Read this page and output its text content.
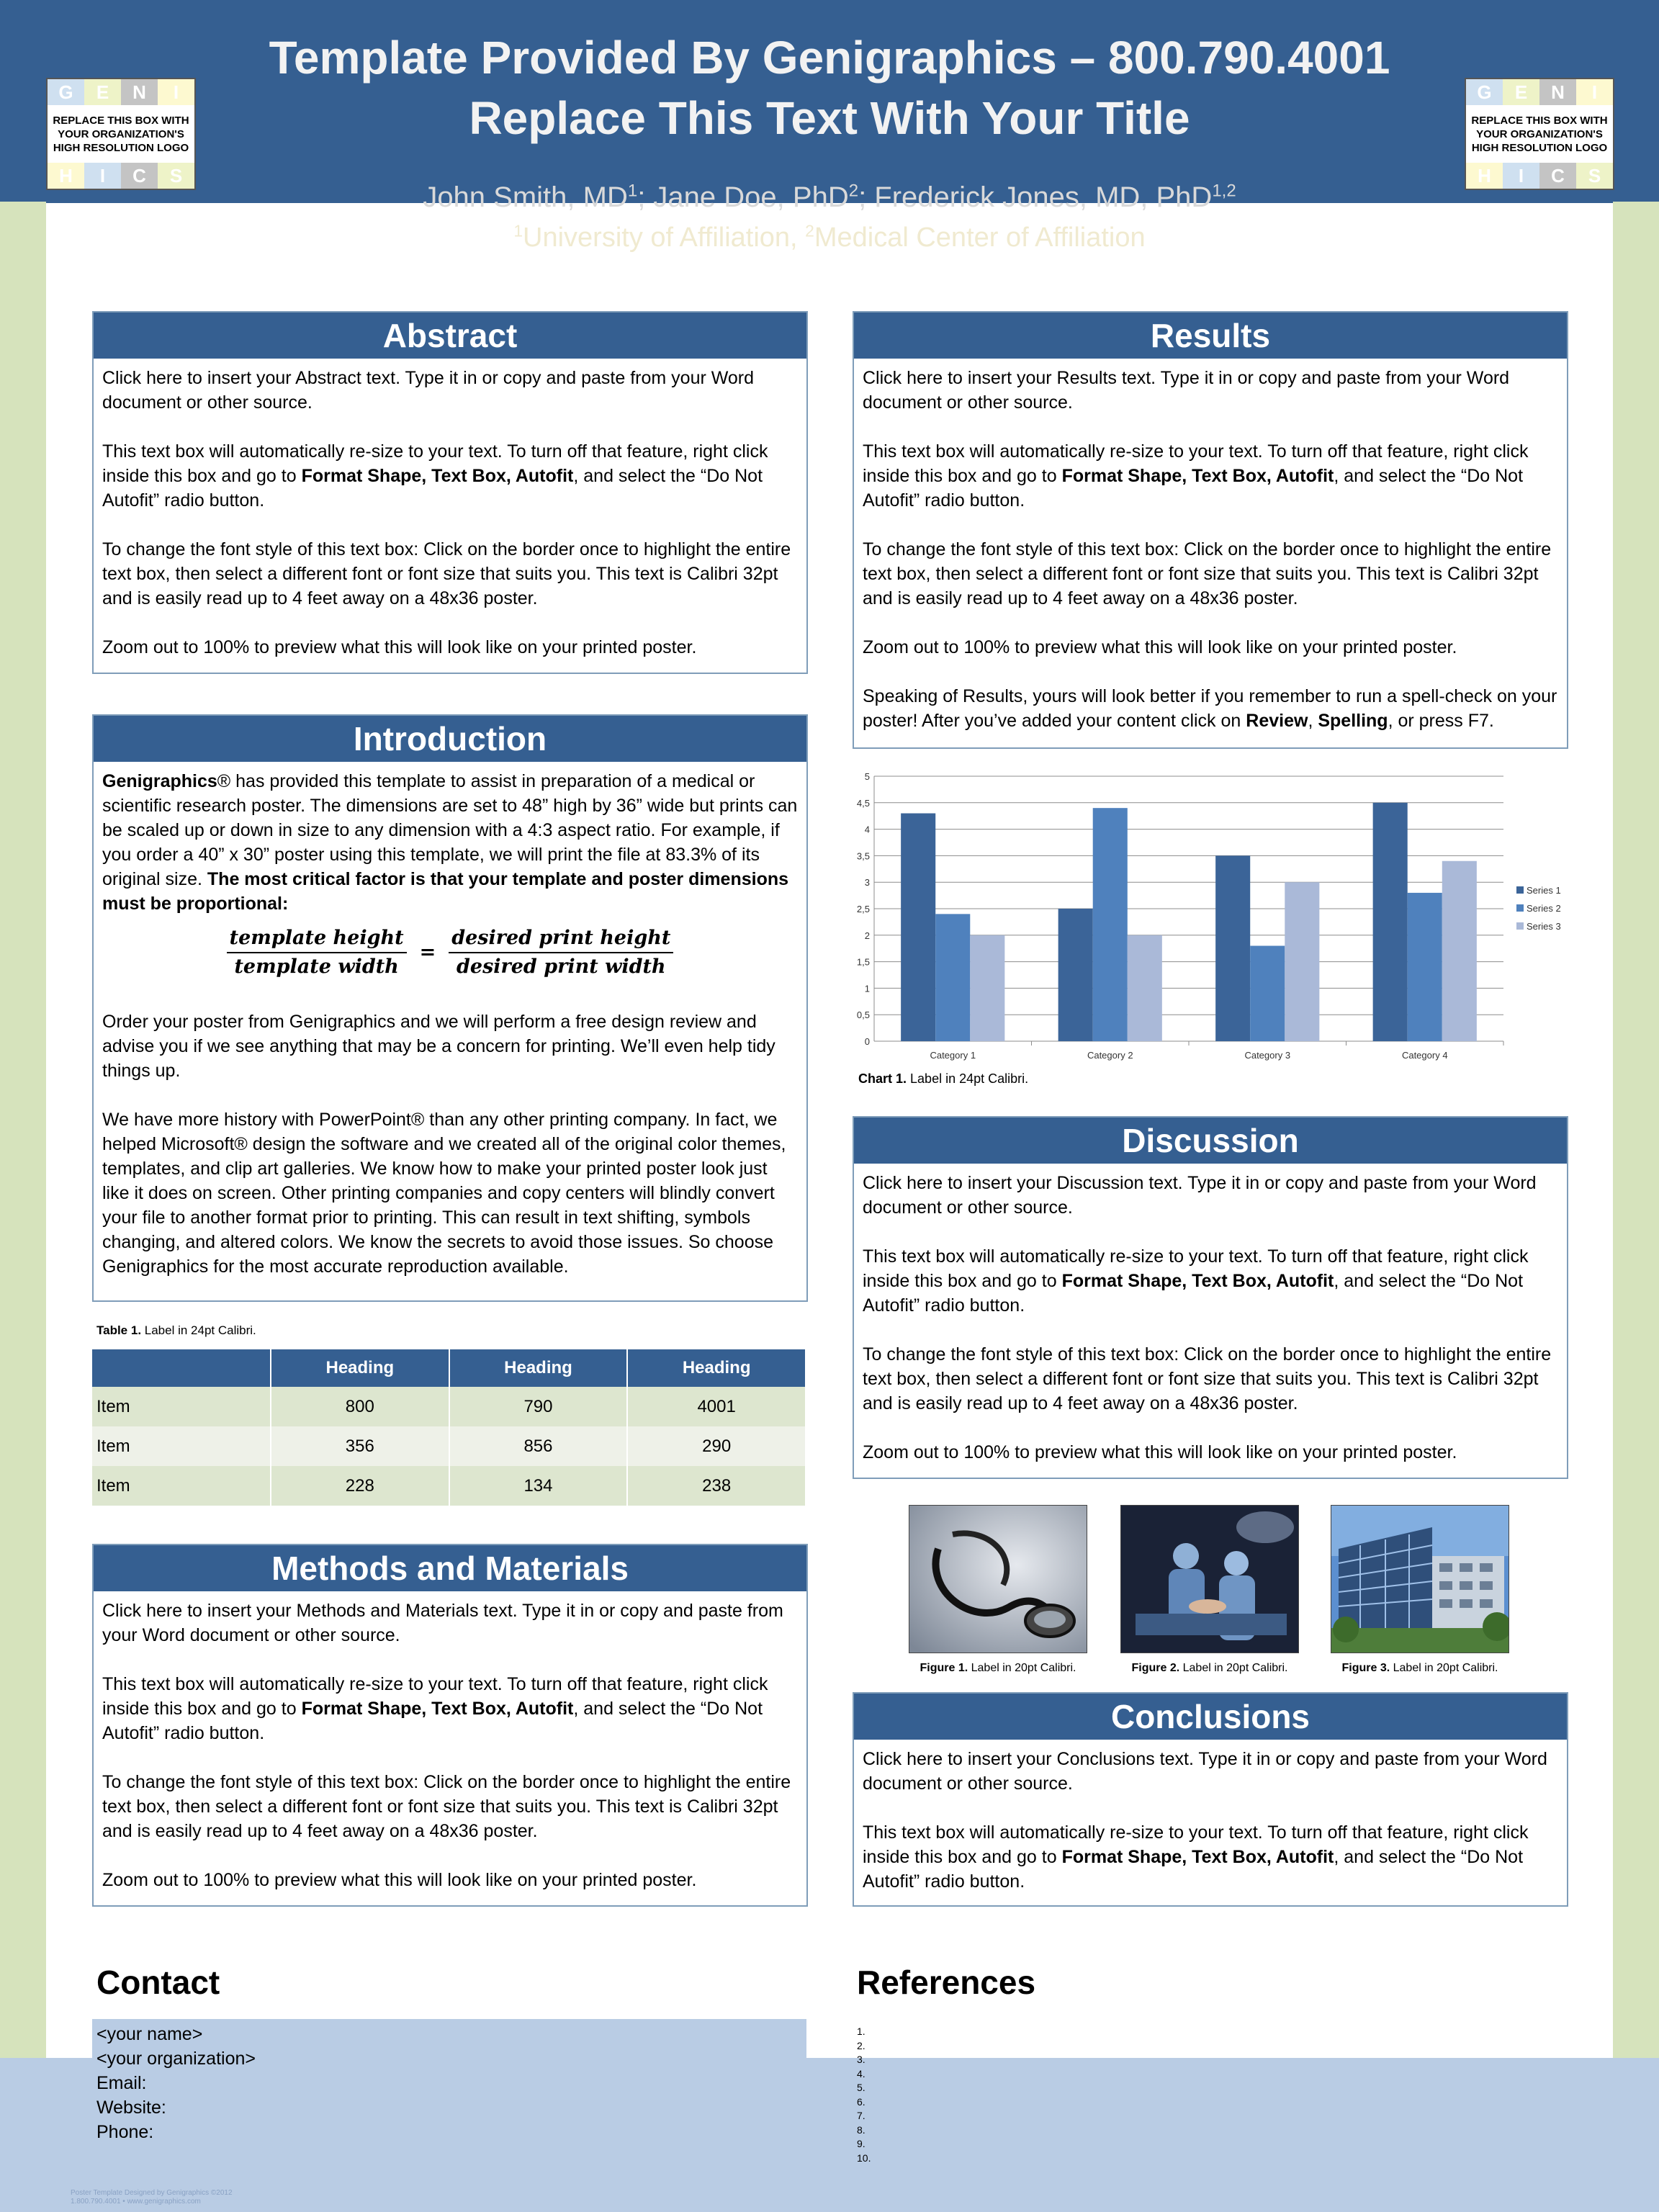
Template Provided By Genigraphics – 800.790.4001
Replace This Text With Your Title
John Smith, $MD^1$; Jane Doe, PhD$^2$; Frederick Jones, MD, PhD$^{1,2}$
$^1$University of Affiliation, $^2$Medical Center of Affiliation
G	E	N	I
REPLACE THIS BOX WITH
YOUR ORGANIZATION'S
HIGH RESOLUTION LOGO
H	I	C	S
G	E	N	I
REPLACE THIS BOX WITH
YOUR ORGANIZATION'S
HIGH RESOLUTION LOGO
H	I	C	S
Abstract

Click here to insert your Abstract text. Type it in or copy and paste from your Word document or other source.

This text box will automatically re-size to your text. To turn off that feature, right click inside this box and go to Format Shape, Text Box, Autofit, and select the “Do Not Autofit” radio button.

To change the font style of this text box: Click on the border once to highlight the entire text box, then select a different font or font size that suits you. This text is Calibri 32pt and is easily read up to 4 feet away on a 48x36 poster.

Zoom out to 100% to preview what this will look like on your printed poster.

Introduction

Genigraphics® has provided this template to assist in preparation of a medical or scientific research poster. The dimensions are set to 48” high by 36” wide but prints can be scaled up or down in size to any dimension with a 4:3 aspect ratio. For example, if you order a 40” x 30” poster using this template, we will print the file at 83.3% of its original size. The most critical factor is that your template and poster dimensions must be proportional:

$\frac{\text{template height}}{\text{template width}} = \frac{\text{desired print height}}{\text{desired print width}}$

Order your poster from Genigraphics and we will perform a free design review and advise you if we see anything that may be a concern for printing. We’ll even help tidy things up.

We have more history with PowerPoint® than any other printing company. In fact, we helped Microsoft® design the software and we created all of the original color themes, templates, and clip art galleries. We know how to make your printed poster look just like it does on screen. Other printing companies and copy centers will blindly convert your file to another format prior to printing. This can result in text shifting, symbols changing, and altered colors. We know the secrets to avoid those issues. So choose Genigraphics for the most accurate reproduction available.

Table 1. Label in 24pt Calibri.
	Heading	Heading	Heading
Item	800	790	4001
Item	356	856	290
Item	228	134	238
Methods and Materials

Click here to insert your Methods and Materials text. Type it in or copy and paste from your Word document or other source.

This text box will automatically re-size to your text. To turn off that feature, right click inside this box and go to Format Shape, Text Box, Autofit, and select the “Do Not Autofit” radio button.

To change the font style of this text box: Click on the border once to highlight the entire text box, then select a different font or font size that suits you. This text is Calibri 32pt and is easily read up to 4 feet away on a 48x36 poster.

Zoom out to 100% to preview what this will look like on your printed poster.

Results

Click here to insert your Results text. Type it in or copy and paste from your Word document or other source.

This text box will automatically re-size to your text. To turn off that feature, right click inside this box and go to Format Shape, Text Box, Autofit, and select the “Do Not Autofit” radio button.

To change the font style of this text box: Click on the border once to highlight the entire text box, then select a different font or font size that suits you. This text is Calibri 32pt and is easily read up to 4 feet away on a 48x36 poster.

Zoom out to 100% to preview what this will look like on your printed poster.

Speaking of Results, yours will look better if you remember to run a spell-check on your poster! After you’ve added your content click on Review, Spelling, or press F7.

0
0,5
1
1,5
2
2,5
3
3,5
4
4,5
5
Category 1	Category 2	Category 3	Category 4
Series 1
Series 2
Series 3
Chart 1. Label in 24pt Calibri.
Discussion

Click here to insert your Discussion text. Type it in or copy and paste from your Word document or other source.

This text box will automatically re-size to your text. To turn off that feature, right click inside this box and go to Format Shape, Text Box, Autofit, and select the “Do Not Autofit” radio button.

To change the font style of this text box: Click on the border once to highlight the entire text box, then select a different font or font size that suits you. This text is Calibri 32pt and is easily read up to 4 feet away on a 48x36 poster.

Zoom out to 100% to preview what this will look like on your printed poster.

Figure 1. Label in 20pt Calibri.	Figure 2. Label in 20pt Calibri.	Figure 3. Label in 20pt Calibri.
Conclusions

Click here to insert your Conclusions text. Type it in or copy and paste from your Word document or other source.

This text box will automatically re-size to your text. To turn off that feature, right click inside this box and go to Format Shape, Text Box, Autofit, and select the “Do Not Autofit” radio button.

Contact
<your name>
<your organization>
Email:
Website:
Phone:
References
1.
2.
3.
4.
5.
6.
7.
8.
9.
10.
Poster Template Designed by Genigraphics ©2012
1.800.790.4001 • www.genigraphics.com
